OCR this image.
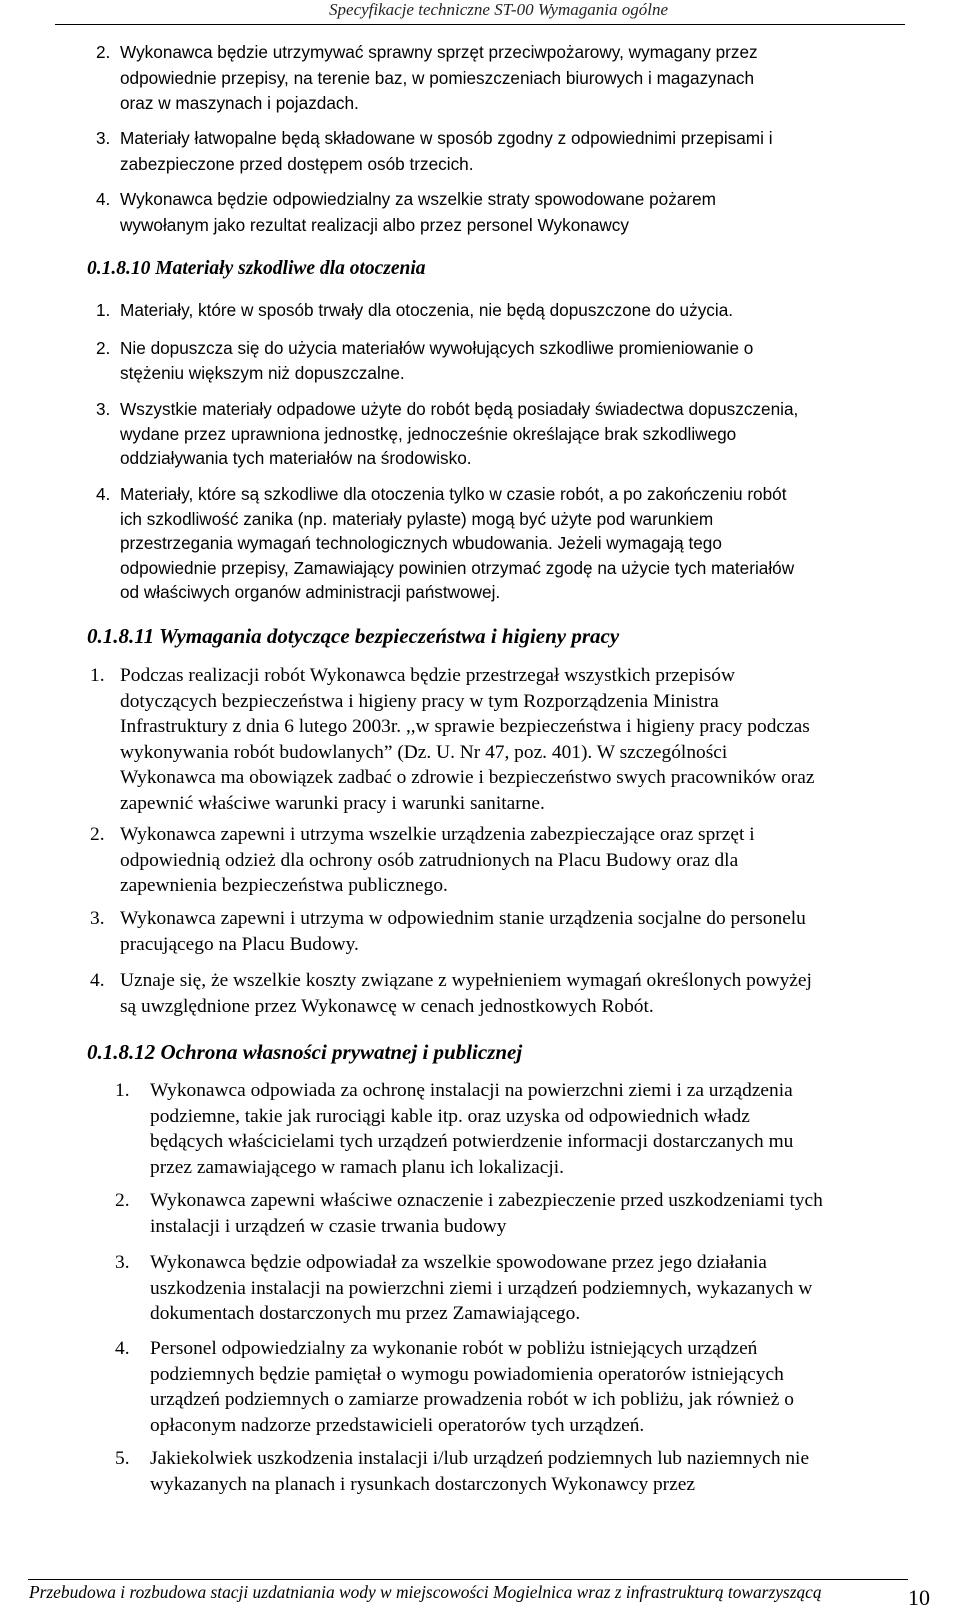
Specyfikacje techniczne ST-00 Wymagania ogólne
2. Wykonawca będzie utrzymywać sprawny sprzęt przeciwpożarowy, wymagany przez
odpowiednie przepisy, na terenie baz, w pomieszczeniach biurowych i magazynach
oraz w maszynach i pojazdach.
3. Materiały łatwopalne będą składowane w sposób zgodny z odpowiednimi przepisami i
zabezpieczone przed dostępem osób trzecich.
4. Wykonawca będzie odpowiedzialny za wszelkie straty spowodowane pożarem
wywołanym jako rezultat realizacji albo przez personel Wykonawcy
0.1.8.10 Materiały szkodliwe dla otoczenia
1. Materiały, które w sposób trwały dla otoczenia, nie będą dopuszczone do użycia.
2. Nie dopuszcza się do użycia materiałów wywołujących szkodliwe promieniowanie o
stężeniu większym niż dopuszczalne.
3. Wszystkie materiały odpadowe użyte do robót będą posiadały świadectwa dopuszczenia,
wydane przez uprawniona jednostkę, jednocześnie określające brak szkodliwego
oddziaływania tych materiałów na środowisko.
4. Materiały, które są szkodliwe dla otoczenia tylko w czasie robót, a po zakończeniu robót
ich szkodliwość zanika (np. materiały pylaste) mogą być użyte pod warunkiem
przestrzegania wymagań technologicznych wbudowania. Jeżeli wymagają tego
odpowiednie przepisy, Zamawiający powinien otrzymać zgodę na użycie tych materiałów
od właściwych organów administracji państwowej.
0.1.8.11 Wymagania dotyczące bezpieczeństwa i higieny pracy
1. Podczas realizacji robót Wykonawca będzie przestrzegał wszystkich przepisów
dotyczących bezpieczeństwa i higieny pracy w tym Rozporządzenia Ministra
Infrastruktury z dnia 6 lutego 2003r. ,,w sprawie bezpieczeństwa i higieny pracy podczas
wykonywania robót budowlanych” (Dz. U. Nr 47, poz. 401). W szczególności
Wykonawca ma obowiązek zadbać o zdrowie i bezpieczeństwo swych pracowników oraz
zapewnić właściwe warunki pracy i warunki sanitarne.
2. Wykonawca zapewni i utrzyma wszelkie urządzenia zabezpieczające oraz sprzęt i
odpowiednią odzież dla ochrony osób zatrudnionych na Placu Budowy oraz dla
zapewnienia bezpieczeństwa publicznego.
3. Wykonawca zapewni i utrzyma w odpowiednim stanie urządzenia socjalne do personelu
pracującego na Placu Budowy.
4. Uznaje się, że wszelkie koszty związane z wypełnieniem wymagań określonych powyżej
są uwzględnione przez Wykonawcę w cenach jednostkowych Robót.
0.1.8.12 Ochrona własności prywatnej i publicznej
1. Wykonawca odpowiada za ochronę instalacji na powierzchni ziemi i za urządzenia
podziemne, takie jak rurociągi kable itp. oraz uzyska od odpowiednich władz
będących właścicielami tych urządzeń potwierdzenie informacji dostarczanych mu
przez zamawiającego w ramach planu ich lokalizacji.
2. Wykonawca zapewni właściwe oznaczenie i zabezpieczenie przed uszkodzeniami tych
instalacji i urządzeń w czasie trwania budowy
3. Wykonawca będzie odpowiadał za wszelkie spowodowane przez jego działania
uszkodzenia instalacji na powierzchni ziemi i urządzeń podziemnych, wykazanych w
dokumentach dostarczonych mu przez Zamawiającego.
4. Personel odpowiedzialny za wykonanie robót w pobliżu istniejących urządzeń
podziemnych będzie pamiętał o wymogu powiadomienia operatorów istniejących
urządzeń podziemnych o zamiarze prowadzenia robót w ich pobliżu, jak również o
opłaconym nadzorze przedstawicieli operatorów tych urządzeń.
5. Jakiekolwiek uszkodzenia instalacji i/lub urządzeń podziemnych lub naziemnych nie
wykazanych na planach i rysunkach dostarczonych Wykonawcy przez
Przebudowa i rozbudowa stacji uzdatniania wody w miejscowości Mogielnica wraz z infrastrukturą towarzyszącą	10
